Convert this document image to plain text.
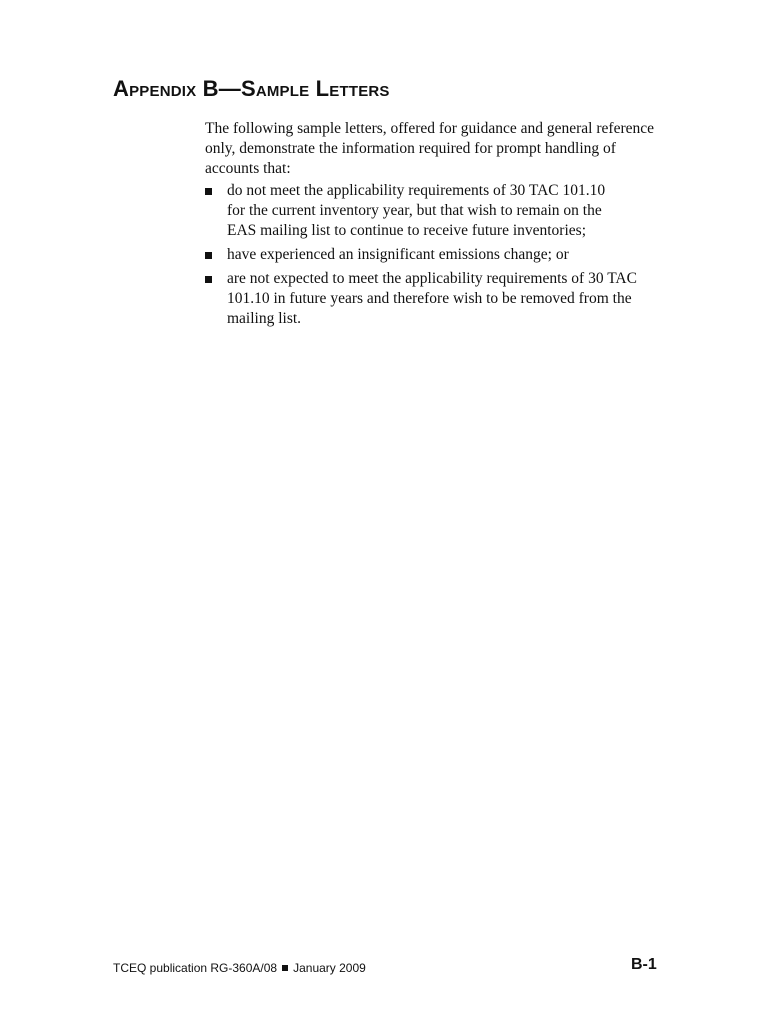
Appendix B—Sample Letters

The following sample letters, offered for guidance and general reference
only, demonstrate the information required for prompt handling of
accounts that:

do not meet the applicability requirements of 30 TAC 101.10
for the current inventory year, but that wish to remain on the
EAS mailing list to continue to receive future inventories;
have experienced an insignificant emissions change; or
are not expected to meet the applicability requirements of 30 TAC
101.10 in future years and therefore wish to be removed from the
mailing list.
TCEQ publication RG-360A/08 January 2009	B-1
